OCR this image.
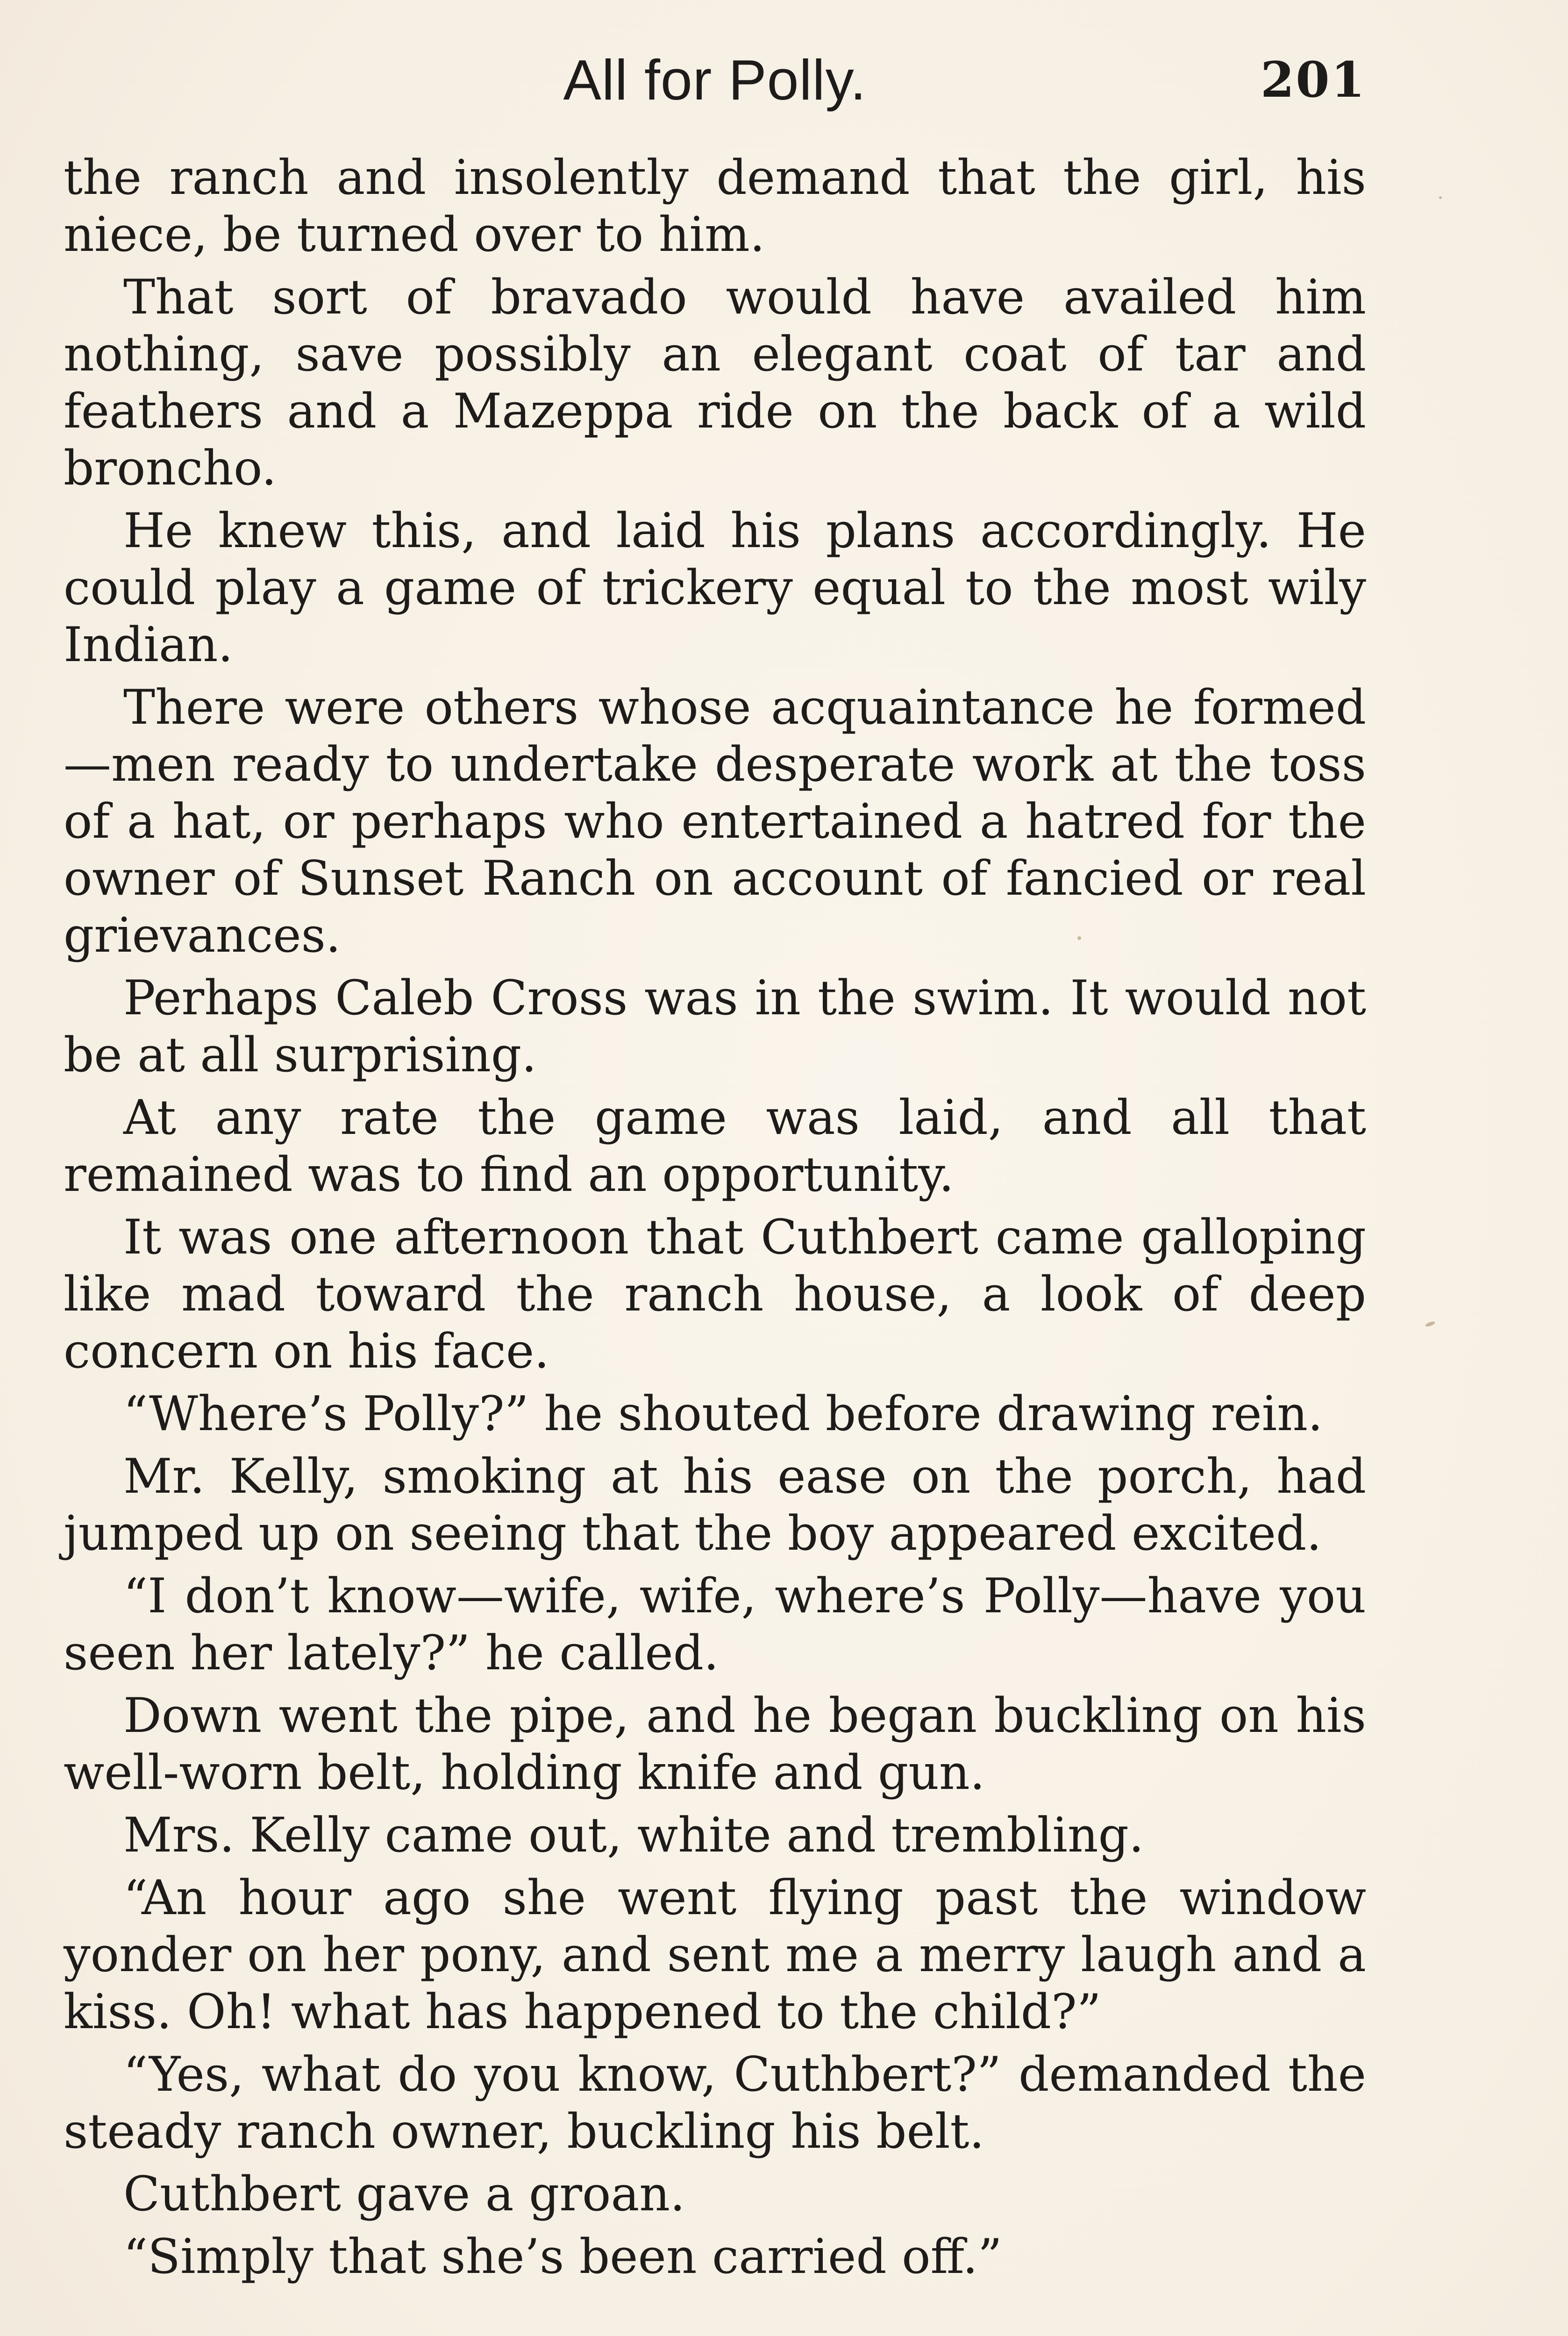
All for Polly.	201

the ranch and insolently demand that the girl, his niece, be turned over to him.

That sort of bravado would have availed him nothing, save possibly an elegant coat of tar and feathers and a Mazeppa ride on the back of a wild broncho.

He knew this, and laid his plans accordingly. He could play a game of trickery equal to the most wily Indian.

There were others whose acquaintance he formed —men ready to undertake desperate work at the toss of a hat, or perhaps who entertained a hatred for the owner of Sunset Ranch on account of fancied or real grievances.

Perhaps Caleb Cross was in the swim. It would not be at all surprising.

At any rate the game was laid, and all that remained was to find an opportunity.

It was one afternoon that Cuthbert came galloping like mad toward the ranch house, a look of deep concern on his face.

“Where’s Polly?” he shouted before drawing rein.

Mr. Kelly, smoking at his ease on the porch, had jumped up on seeing that the boy appeared excited.

“I don’t know—wife, wife, where’s Polly—have you seen her lately?” he called.

Down went the pipe, and he began buckling on his well-worn belt, holding knife and gun.

Mrs. Kelly came out, white and trembling.

“An hour ago she went flying past the window yonder on her pony, and sent me a merry laugh and a kiss. Oh! what has happened to the child?”

“Yes, what do you know, Cuthbert?” demanded the steady ranch owner, buckling his belt.

Cuthbert gave a groan.

“Simply that she’s been carried off.”
